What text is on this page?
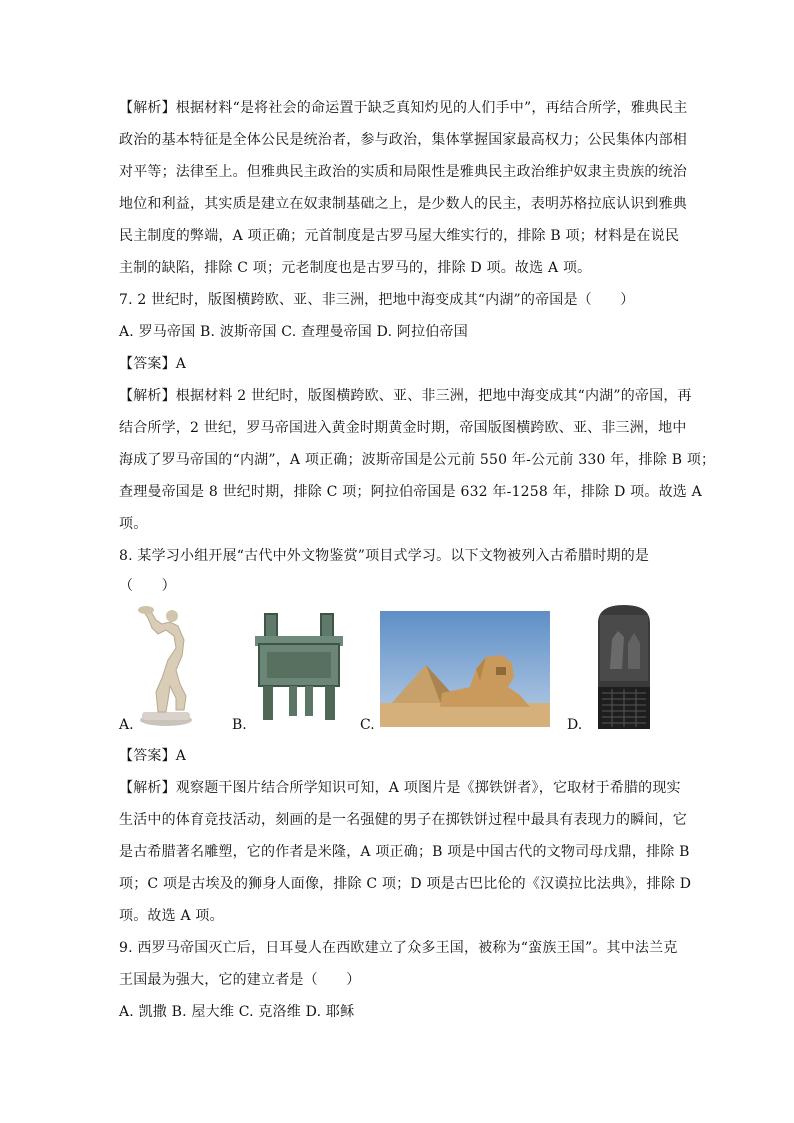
【解析】根据材料“是将社会的命运置于缺乏真知灼见的人们手中”，再结合所学，雅典民主
政治的基本特征是全体公民是统治者，参与政治，集体掌握国家最高权力；公民集体内部相
对平等；法律至上。但雅典民主政治的实质和局限性是雅典民主政治维护奴隶主贵族的统治
地位和利益，其实质是建立在奴隶制基础之上，是少数人的民主，表明苏格拉底认识到雅典
民主制度的弊端，A 项正确；元首制度是古罗马屋大维实行的，排除 B 项；材料是在说民
主制的缺陷，排除 C 项；元老制度也是古罗马的，排除 D 项。故选 A 项。
7. 2 世纪时，版图横跨欧、亚、非三洲，把地中海变成其“内湖”的帝国是（　　）
A. 罗马帝国 B. 波斯帝国 C. 查理曼帝国 D. 阿拉伯帝国
【答案】A
【解析】根据材料 2 世纪时，版图横跨欧、亚、非三洲，把地中海变成其“内湖”的帝国，再
结合所学，2 世纪，罗马帝国进入黄金时期黄金时期，帝国版图横跨欧、亚、非三洲，地中
海成了罗马帝国的“内湖”，A 项正确；波斯帝国是公元前 550 年-公元前 330 年，排除 B 项；
查理曼帝国是 8 世纪时期，排除 C 项；阿拉伯帝国是 632 年-1258 年，排除 D 项。故选 A
项。
8. 某学习小组开展“古代中外文物鉴赏”项目式学习。以下文物被列入古希腊时期的是
（　　）
A.	B.	C.	D.
【答案】A
【解析】观察题干图片结合所学知识可知，A 项图片是《掷铁饼者》，它取材于希腊的现实
生活中的体育竞技活动，刻画的是一名强健的男子在掷铁饼过程中最具有表现力的瞬间，它
是古希腊著名雕塑，它的作者是米隆，A 项正确；B 项是中国古代的文物司母戊鼎，排除 B
项；C 项是古埃及的狮身人面像，排除 C 项；D 项是古巴比伦的《汉谟拉比法典》，排除 D
项。故选 A 项。
9. 西罗马帝国灭亡后，日耳曼人在西欧建立了众多王国，被称为“蛮族王国”。其中法兰克
王国最为强大，它的建立者是（　　）
A. 凯撒 B. 屋大维 C. 克洛维 D. 耶稣
